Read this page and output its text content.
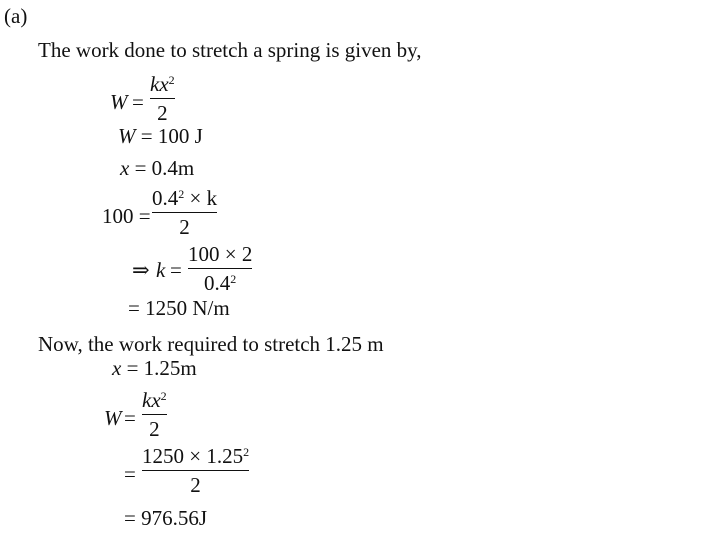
(a)
The work done to stretch a spring is given by,
W =
$kx^2$
2
W = 100 J
x = 0.4m
100 =
$0.4^2 \times k$
2
⇒ k =
100 × 2
$0.4^2$
= 1250 N/m
Now, the work required to stretch 1.25 m
x = 1.25m
W =
$kx^2$
2
=
$1250 \times 1.25^2$
2
= 976.56J
